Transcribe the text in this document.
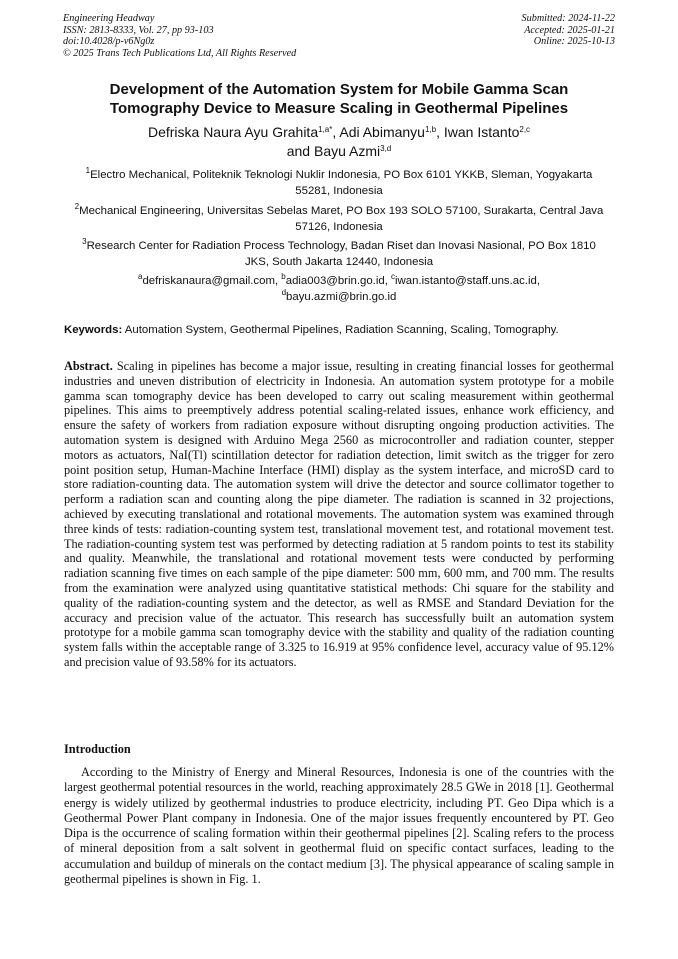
Engineering Headway
ISSN: 2813-8333, Vol. 27, pp 93-103
doi:10.4028/p-v6Ng0z
© 2025 Trans Tech Publications Ltd, All Rights Reserved
Submitted: 2024-11-22
Accepted: 2025-01-21
Online: 2025-10-13
Development of the Automation System for Mobile Gamma Scan Tomography Device to Measure Scaling in Geothermal Pipelines
Defriska Naura Ayu Grahita$^{1,a*}$, Adi Abimanyu$^{1,b}$, Iwan Istanto$^{2,c}$
and Bayu Azmi$^{3,d}$
$^1$Electro Mechanical, Politeknik Teknologi Nuklir Indonesia, PO Box 6101 YKKB, Sleman, Yogyakarta 55281, Indonesia
$^2$Mechanical Engineering, Universitas Sebelas Maret, PO Box 193 SOLO 57100, Surakarta, Central Java 57126, Indonesia
$^3$Research Center for Radiation Process Technology, Badan Riset dan Inovasi Nasional, PO Box 1810 JKS, South Jakarta 12440, Indonesia
$^a$defriskanaura@gmail.com, $^b$adia003@brin.go.id, $^c$iwan.istanto@staff.uns.ac.id,
$^d$bayu.azmi@brin.go.id
Keywords: Automation System, Geothermal Pipelines, Radiation Scanning, Scaling, Tomography.
Abstract. Scaling in pipelines has become a major issue, resulting in creating financial losses for geothermal industries and uneven distribution of electricity in Indonesia. An automation system prototype for a mobile gamma scan tomography device has been developed to carry out scaling measurement within geothermal pipelines. This aims to preemptively address potential scaling-related issues, enhance work efficiency, and ensure the safety of workers from radiation exposure without disrupting ongoing production activities. The automation system is designed with Arduino Mega 2560 as microcontroller and radiation counter, stepper motors as actuators, NaI(Tl) scintillation detector for radiation detection, limit switch as the trigger for zero point position setup, Human-Machine Interface (HMI) display as the system interface, and microSD card to store radiation-counting data. The automation system will drive the detector and source collimator together to perform a radiation scan and counting along the pipe diameter. The radiation is scanned in 32 projections, achieved by executing translational and rotational movements. The automation system was examined through three kinds of tests: radiation-counting system test, translational movement test, and rotational movement test. The radiation-counting system test was performed by detecting radiation at 5 random points to test its stability and quality. Meanwhile, the translational and rotational movement tests were conducted by performing radiation scanning five times on each sample of the pipe diameter: 500 mm, 600 mm, and 700 mm. The results from the examination were analyzed using quantitative statistical methods: Chi square for the stability and quality of the radiation-counting system and the detector, as well as RMSE and Standard Deviation for the accuracy and precision value of the actuator. This research has successfully built an automation system prototype for a mobile gamma scan tomography device with the stability and quality of the radiation counting system falls within the acceptable range of 3.325 to 16.919 at 95% confidence level, accuracy value of 95.12% and precision value of 93.58% for its actuators.
Introduction
According to the Ministry of Energy and Mineral Resources, Indonesia is one of the countries with the largest geothermal potential resources in the world, reaching approximately 28.5 GWe in 2018 [1]. Geothermal energy is widely utilized by geothermal industries to produce electricity, including PT. Geo Dipa which is a Geothermal Power Plant company in Indonesia. One of the major issues frequently encountered by PT. Geo Dipa is the occurrence of scaling formation within their geothermal pipelines [2]. Scaling refers to the process of mineral deposition from a salt solvent in geothermal fluid on specific contact surfaces, leading to the accumulation and buildup of minerals on the contact medium [3]. The physical appearance of scaling sample in geothermal pipelines is shown in Fig. 1.
